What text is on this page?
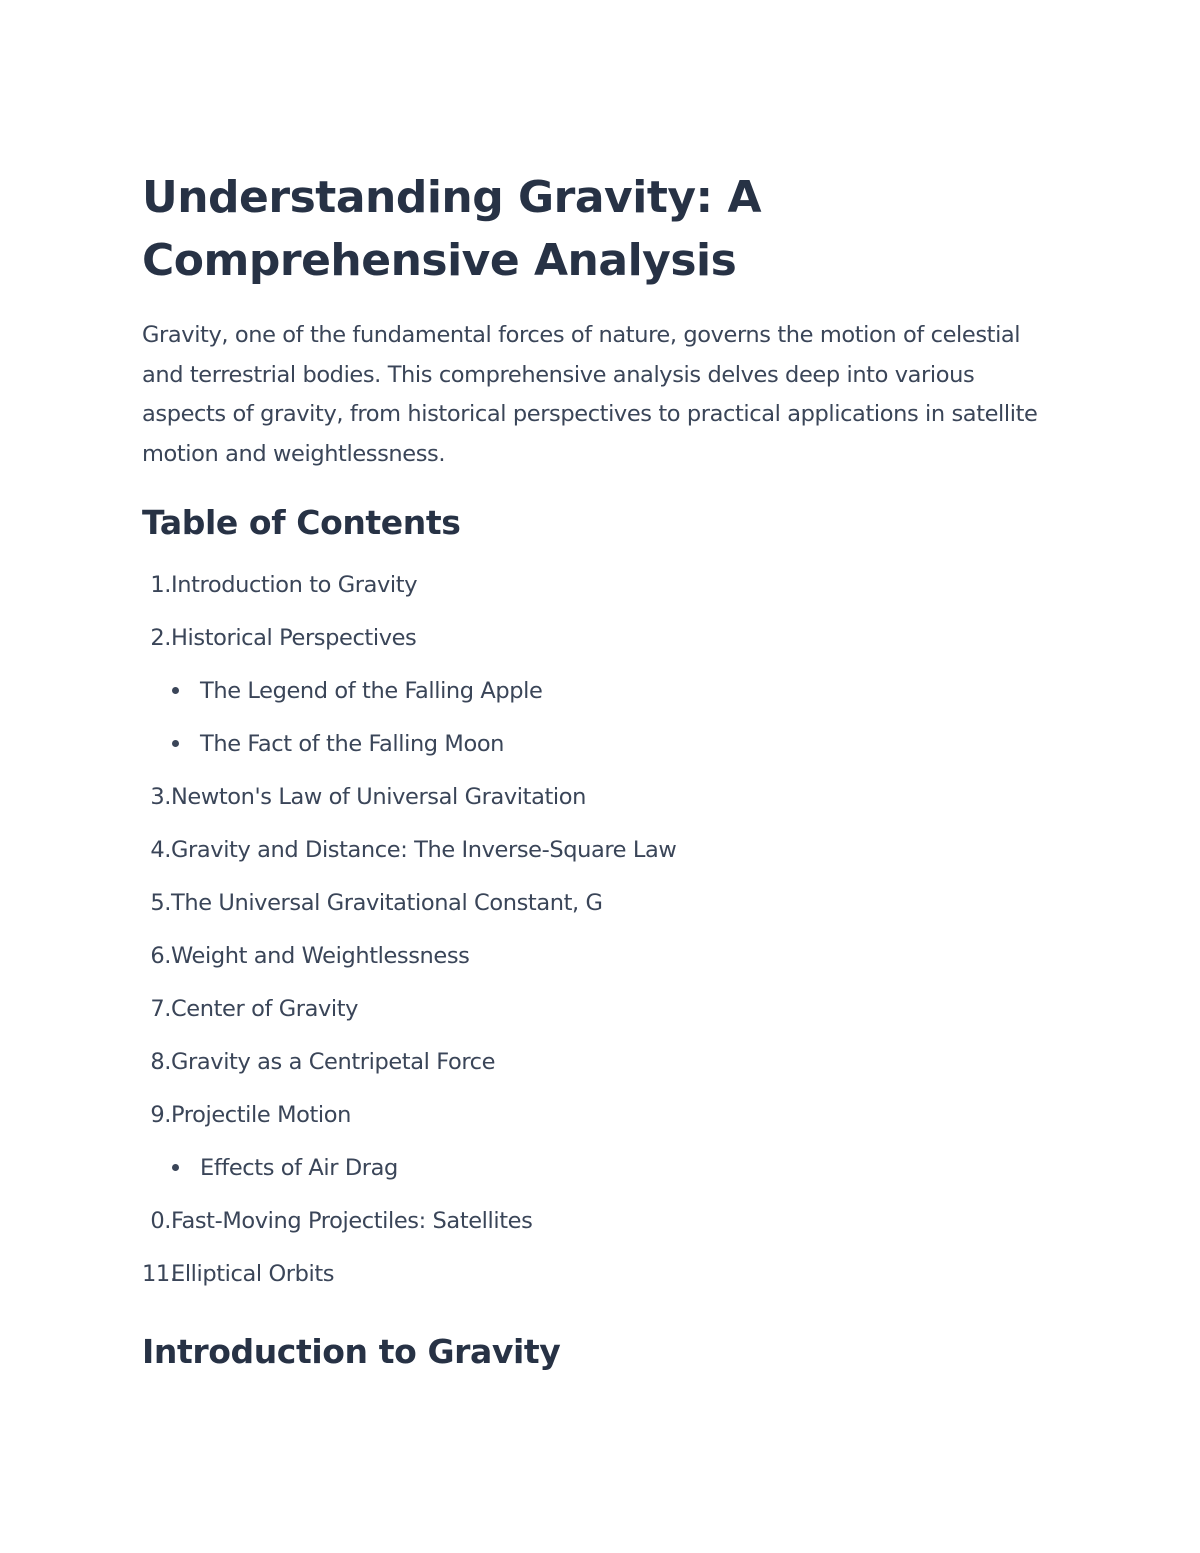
Understanding Gravity: A Comprehensive Analysis

Gravity, one of the fundamental forces of nature, governs the motion of celestial and terrestrial bodies. This comprehensive analysis delves deep into various aspects of gravity, from historical perspectives to practical applications in satellite motion and weightlessness.

Table of Contents
1. Introduction to Gravity
2. Historical Perspectives
The Legend of the Falling Apple
The Fact of the Falling Moon
3. Newton's Law of Universal Gravitation
4. Gravity and Distance: The Inverse-Square Law
5. The Universal Gravitational Constant, G
6. Weight and Weightlessness
7. Center of Gravity
8. Gravity as a Centripetal Force
9. Projectile Motion
Effects of Air Drag
0. Fast-Moving Projectiles: Satellites
11.
Elliptical Orbits
Introduction to Gravity
